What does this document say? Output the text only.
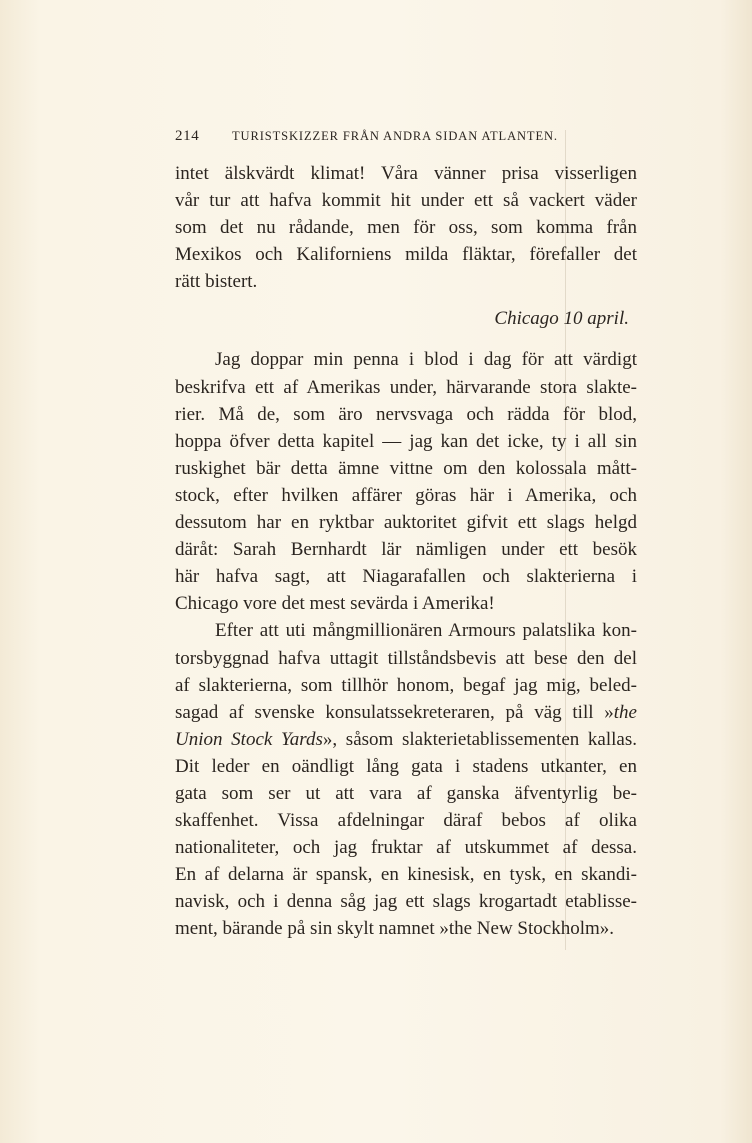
214	TURISTSKIZZER FRÅN ANDRA SIDAN ATLANTEN.
intet älskvärdt klimat! Våra vänner prisa visserligen
vår tur att hafva kommit hit under ett så vackert väder
som det nu rådande, men för oss, som komma från
Mexikos och Kaliforniens milda fläktar, förefaller det
rätt bistert.
Chicago 10 april.
Jag doppar min penna i blod i dag för att värdigt
beskrifva ett af Amerikas under, härvarande stora slakte-
rier. Må de, som äro nervsvaga och rädda för blod,
hoppa öfver detta kapitel — jag kan det icke, ty i all sin
ruskighet bär detta ämne vittne om den kolossala mått-
stock, efter hvilken affärer göras här i Amerika, och
dessutom har en ryktbar auktoritet gifvit ett slags helgd
däråt: Sarah Bernhardt lär nämligen under ett besök
här hafva sagt, att Niagarafallen och slakterierna i
Chicago vore det mest sevärda i Amerika!
Efter att uti mångmillionären Armours palatslika kon-
torsbyggnad hafva uttagit tillståndsbevis att bese den del
af slakterierna, som tillhör honom, begaf jag mig, beled-
sagad af svenske konsulatssekreteraren, på väg till »the
Union Stock Yards», såsom slakterietablissementen kallas.
Dit leder en oändligt lång gata i stadens utkanter, en
gata som ser ut att vara af ganska äfventyrlig be-
skaffenhet. Vissa afdelningar däraf bebos af olika
nationaliteter, och jag fruktar af utskummet af dessa.
En af delarna är spansk, en kinesisk, en tysk, en skandi-
navisk, och i denna såg jag ett slags krogartadt etablisse-
ment, bärande på sin skylt namnet »the New Stockholm».
